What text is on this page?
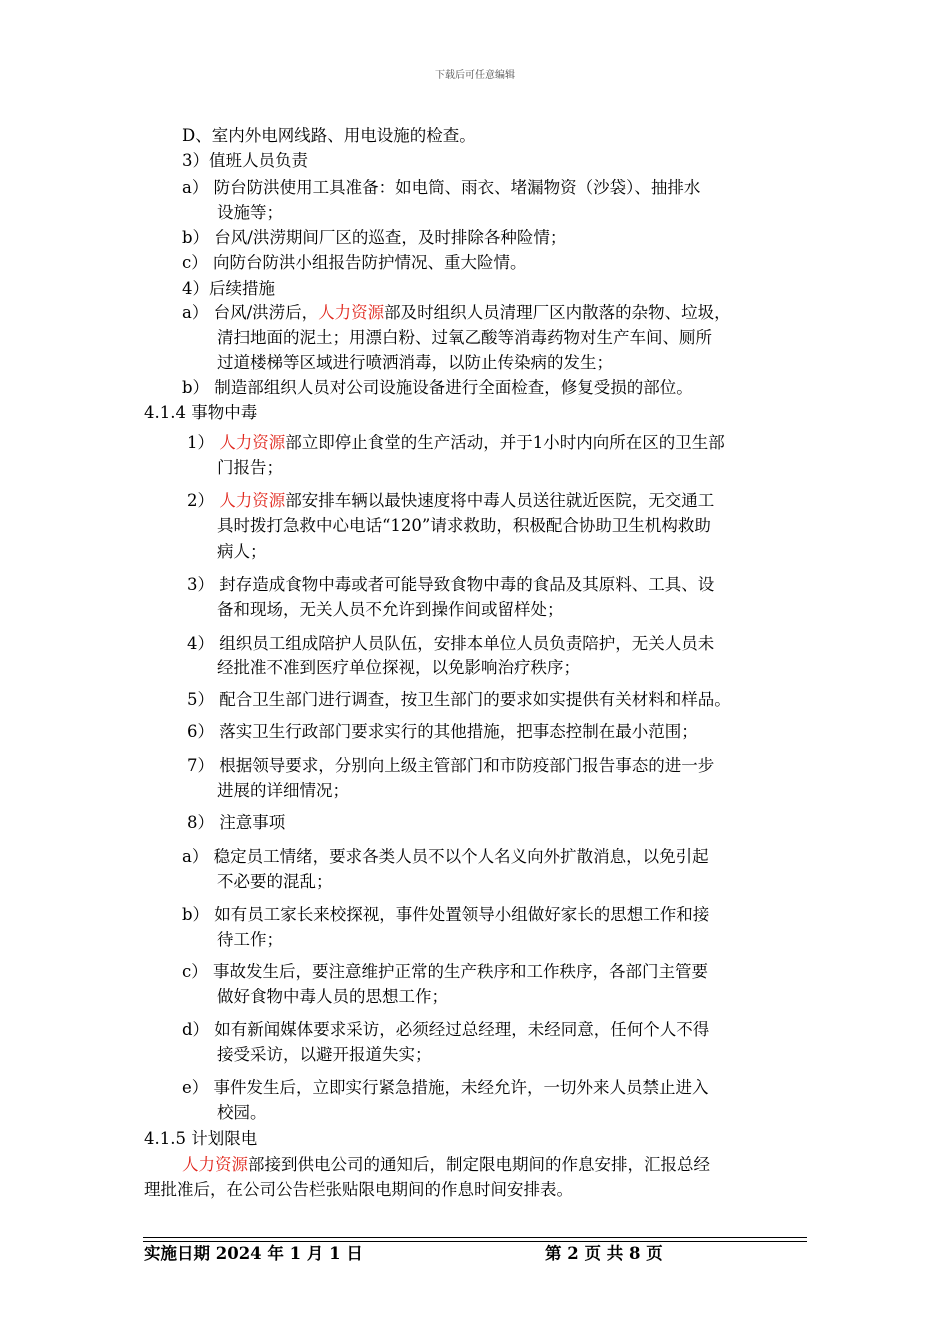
下载后可任意编辑
D、室内外电网线路、用电设施的检查。
3）值班人员负责
a） 防台防洪使用工具准备：如电筒、雨衣、堵漏物资（沙袋）、抽排水
设施等；
b） 台风/洪涝期间厂区的巡查，及时排除各种险情；
c） 向防台防洪小组报告防护情况、重大险情。
4）后续措施
a） 台风/洪涝后，人力资源部及时组织人员清理厂区内散落的杂物、垃圾，
清扫地面的泥土；用漂白粉、过氧乙酸等消毒药物对生产车间、厕所
过道楼梯等区域进行喷洒消毒，以防止传染病的发生；
b） 制造部组织人员对公司设施设备进行全面检查，修复受损的部位。
4.1.4 事物中毒
1） 人力资源部立即停止食堂的生产活动，并于1小时内向所在区的卫生部
门报告；
2） 人力资源部安排车辆以最快速度将中毒人员送往就近医院，无交通工
具时拨打急救中心电话“120”请求救助，积极配合协助卫生机构救助
病人；
3） 封存造成食物中毒或者可能导致食物中毒的食品及其原料、工具、设
备和现场，无关人员不允许到操作间或留样处；
4） 组织员工组成陪护人员队伍，安排本单位人员负责陪护，无关人员未
经批准不准到医疗单位探视，以免影响治疗秩序；
5） 配合卫生部门进行调查，按卫生部门的要求如实提供有关材料和样品。
6） 落实卫生行政部门要求实行的其他措施，把事态控制在最小范围；
7） 根据领导要求，分别向上级主管部门和市防疫部门报告事态的进一步
进展的详细情况；
8） 注意事项
a） 稳定员工情绪，要求各类人员不以个人名义向外扩散消息，以免引起
不必要的混乱；
b） 如有员工家长来校探视，事件处置领导小组做好家长的思想工作和接
待工作；
c） 事故发生后，要注意维护正常的生产秩序和工作秩序，各部门主管要
做好食物中毒人员的思想工作；
d） 如有新闻媒体要求采访，必须经过总经理，未经同意，任何个人不得
接受采访，以避开报道失实；
e） 事件发生后，立即实行紧急措施，未经允许，一切外来人员禁止进入
校园。
4.1.5 计划限电
人力资源部接到供电公司的通知后，制定限电期间的作息安排，汇报总经
理批准后，在公司公告栏张贴限电期间的作息时间安排表。
实施日期 2024 年 1 月 1 日	第 2 页 共 8 页
